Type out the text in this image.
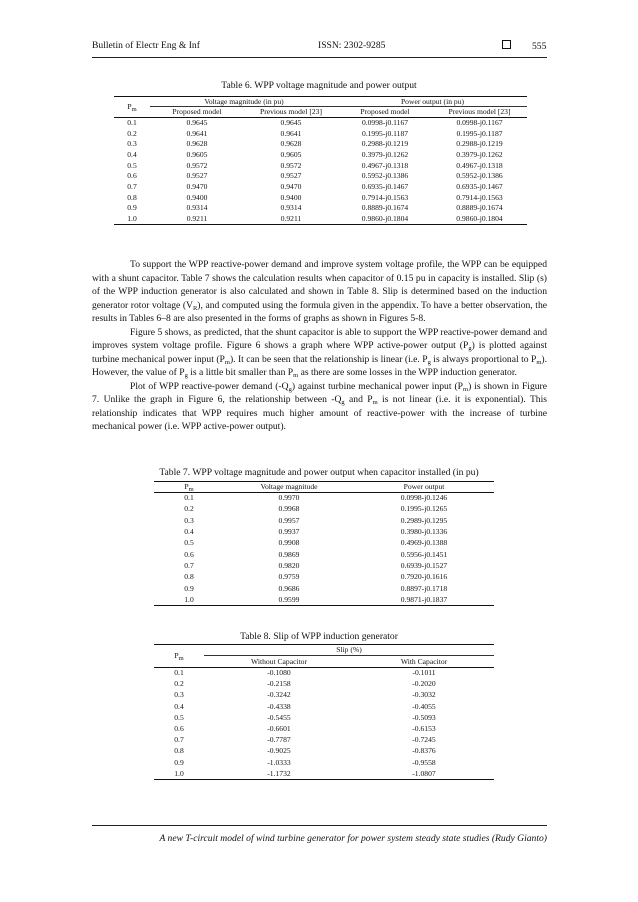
Bulletin of Electr Eng & Inf	ISSN: 2302-9285	555
Table 6. WPP voltage magnitude and power output
$P_m$	Voltage magnitude (in pu)		Power output (in pu)	
	Proposed model	Previous model [23]	Proposed model	Previous model [23]
0.1	0.9645	0.9645	0.0998-j0.1167	0.0998-j0.1167
0.2	0.9641	0.9641	0.1995-j0.1187	0.1995-j0.1187
0.3	0.9628	0.9628	0.2988-j0.1219	0.2988-j0.1219
0.4	0.9605	0.9605	0.3979-j0.1262	0.3979-j0.1262
0.5	0.9572	0.9572	0.4967-j0.1318	0.4967-j0.1318
0.6	0.9527	0.9527	0.5952-j0.1386	0.5952-j0.1386
0.7	0.9470	0.9470	0.6935-j0.1467	0.6935-j0.1467
0.8	0.9400	0.9400	0.7914-j0.1563	0.7914-j0.1563
0.9	0.9314	0.9314	0.8889-j0.1674	0.8889-j0.1674
1.0	0.9211	0.9211	0.9860-j0.1804	0.9860-j0.1804

To support the WPP reactive-power demand and improve system voltage profile, the WPP can be equipped with a shunt capacitor. Table 7 shows the calculation results when capacitor of 0.15 pu in capacity is installed. Slip (s) of the WPP induction generator is also calculated and shown in Table 8. Slip is determined based on the induction generator rotor voltage $(V_R)$, and computed using the formula given in the appendix. To have a better observation, the results in Tables 6–8 are also presented in the forms of graphs as shown in Figures 5-8.

Figure 5 shows, as predicted, that the shunt capacitor is able to support the WPP reactive-power demand and improves system voltage profile. Figure 6 shows a graph where WPP active-power output $(P_g)$ is plotted against turbine mechanical power input $(P_m)$. It can be seen that the relationship is linear (i.e. $P_g$ is always proportional to $P_m$). However, the value of $P_g$ is a little bit smaller than $P_m$ as there are some losses in the WPP induction generator.

Plot of WPP reactive-power demand $(-Q_g)$ against turbine mechanical power input $(P_m)$ is shown in Figure 7. Unlike the graph in Figure 6, the relationship between $-Q_g$ and $P_m$ is not linear (i.e. it is exponential). This relationship indicates that WPP requires much higher amount of reactive-power with the increase of turbine mechanical power (i.e. WPP active-power output).

Table 7. WPP voltage magnitude and power output when capacitor installed (in pu)
$P_m$	Voltage magnitude	Power output
0.1	0.9970	0.0998-j0.1246
0.2	0.9968	0.1995-j0.1265
0.3	0.9957	0.2989-j0.1295
0.4	0.9937	0.3980-j0.1336
0.5	0.9908	0.4969-j0.1388
0.6	0.9869	0.5956-j0.1451
0.7	0.9820	0.6939-j0.1527
0.8	0.9759	0.7920-j0.1616
0.9	0.9686	0.8897-j0.1718
1.0	0.9599	0.9871-j0.1837
Table 8. Slip of WPP induction generator
$P_m$	Slip (%)	
	Without Capacitor	With Capacitor
0.1	-0.1080	-0.1011
0.2	-0.2158	-0.2020
0.3	-0.3242	-0.3032
0.4	-0.4338	-0.4055
0.5	-0.5455	-0.5093
0.6	-0.6601	-0.6153
0.7	-0.7787	-0.7245
0.8	-0.9025	-0.8376
0.9	-1.0333	-0.9558
1.0	-1.1732	-1.0807
A new T-circuit model of wind turbine generator for power system steady state studies (Rudy Gianto)
